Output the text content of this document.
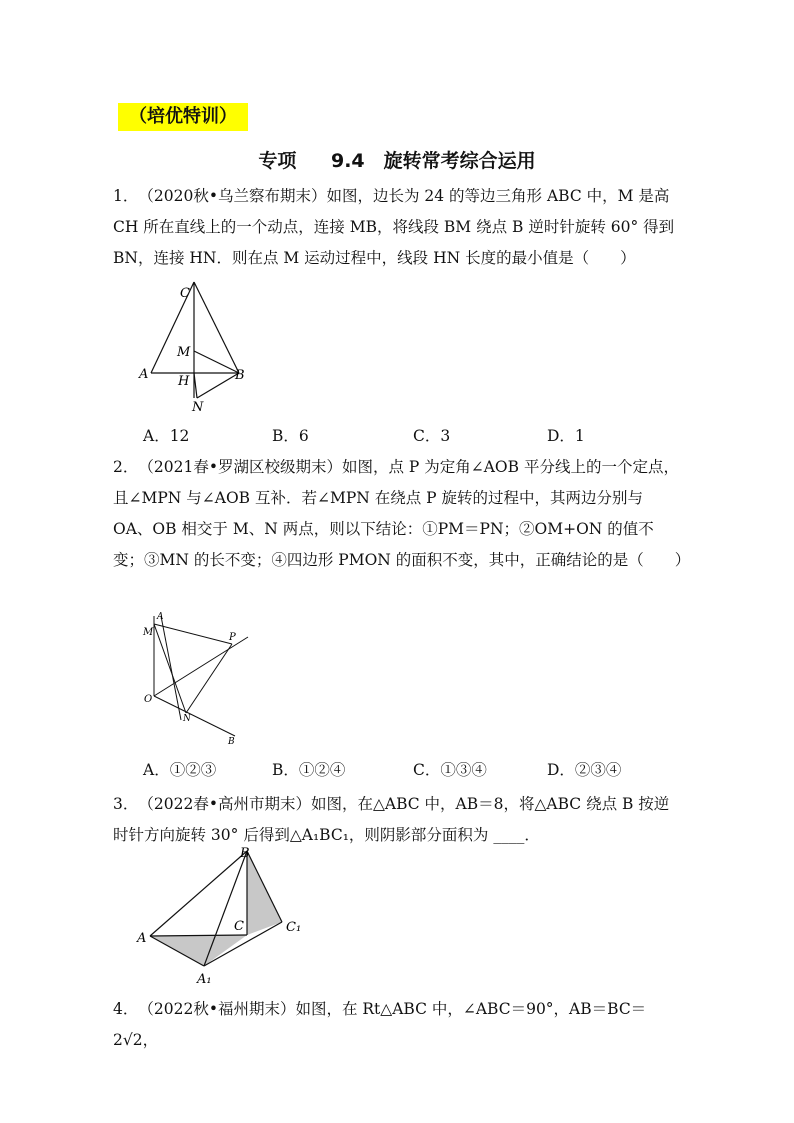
（培优特训）
专项 9.4　旋转常考综合运用
1．（2020秋•乌兰察布期末）如图，边长为 24 的等边三角形 ABC 中，M 是高 CH 所在直线上的一个动点，连接 MB，将线段 BM 绕点 B 逆时针旋转 60° 得到 BN，连接 HN．则在点 M 运动过程中，线段 HN 长度的最小值是（　　）
C
M
A H	B
N
A．12	B．6	C．3	D．1
2．（2021春•罗湖区校级期末）如图，点 P 为定角∠AOB 平分线上的一个定点，且∠MPN 与∠AOB 互补．若∠MPN 在绕点 P 旋转的过程中，其两边分别与 OA、OB 相交于 M、N 两点，则以下结论：①PM＝PN；②OM+ON 的值不变；③MN 的长不变；④四边形 PMON 的面积不变，其中，正确结论的是（　　）
A
M	P
O
N
B
A．①②③	B．①②④	C．①③④	D．②③④
3．（2022春•高州市期末）如图，在△ABC 中，AB＝8，将△ABC 绕点 B 按逆时针方向旋转 30° 后得到△A₁BC₁，则阴影部分面积为 ____．
B
C	C₁
A
A₁
4．（2022秋•福州期末）如图，在 Rt△ABC 中，∠ABC＝90°，AB＝BC＝2√2，
